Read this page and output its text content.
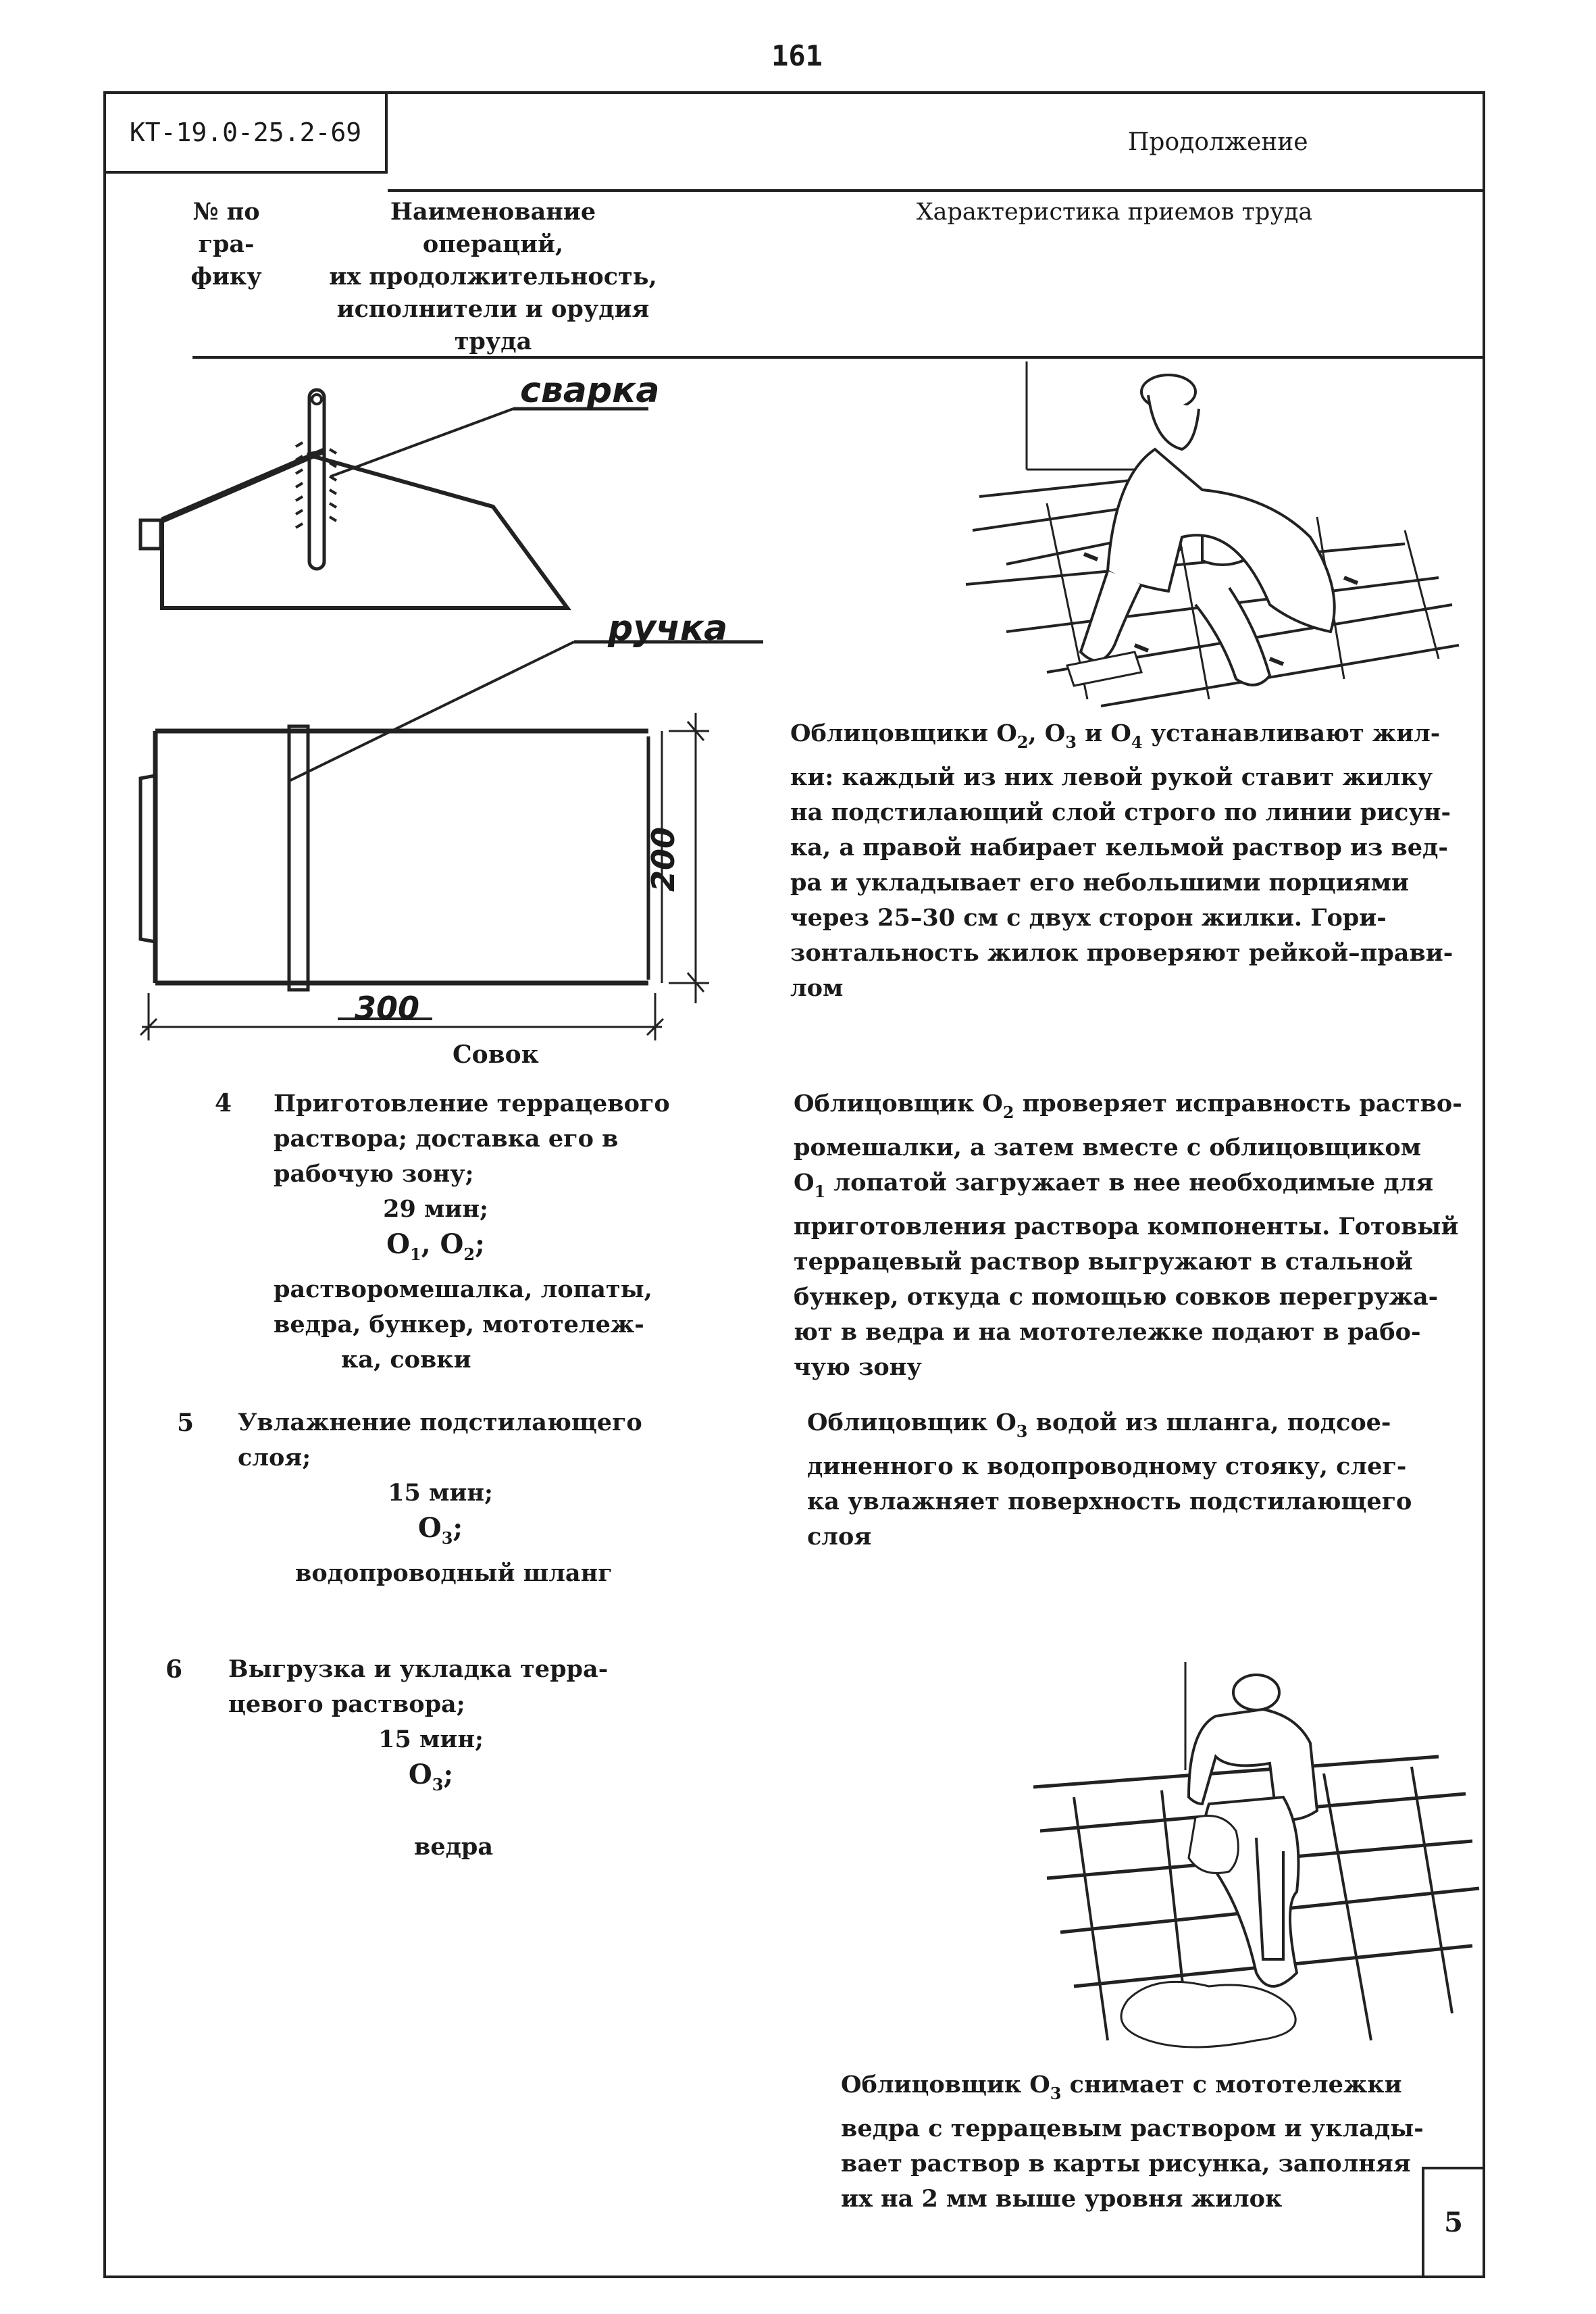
161
КТ-19.0-25.2-69	Продолжение
№ по
гра-
фику
Наименование операций,
их продолжительность,
исполнители и орудия
труда
Характеристика приемов труда
сварка
ручка
200
300
Совок
Облицовщики $О_2$, $О_3$ и $О_4$ устанавливают жил-
ки: каждый из них левой рукой ставит жилку
на подстилающий слой строго по линии рисун-
ка, а правой набирает кельмой раствор из вед-
ра и укладывает его небольшими порциями
через 25–30 см с двух сторон жилки. Гори-
зонтальность жилок проверяют рейкой–прави-
лом
4 Приготовление террацевого
раствора; доставка его в
рабочую зону;
29 мин;
$О_1$, $О_2$;
растворомешалка, лопаты,
ведра, бункер, мототележ-
ка, совки
Облицовщик $О_2$ проверяет исправность раство-
ромешалки, а затем вместе с облицовщиком
$О_1$ лопатой загружает в нее необходимые для
приготовления раствора компоненты. Готовый
террацевый раствор выгружают в стальной
бункер, откуда с помощью совков перегружа-
ют в ведра и на мототележке подают в рабо-
чую зону
5 Увлажнение подстилающего
слоя;
15 мин;
$О_3$;
водопроводный шланг
Облицовщик $О_3$ водой из шланга, подсое-
диненного к водопроводному стояку, слег-
ка увлажняет поверхность подстилающего
слоя
6 Выгрузка и укладка терра-
цевого раствора;
15 мин;
$О_3$;
ведра
Облицовщик $О_3$ снимает с мототележки
ведра с террацевым раствором и уклады-
вает раствор в карты рисунка, заполняя
их на 2 мм выше уровня жилок
5
